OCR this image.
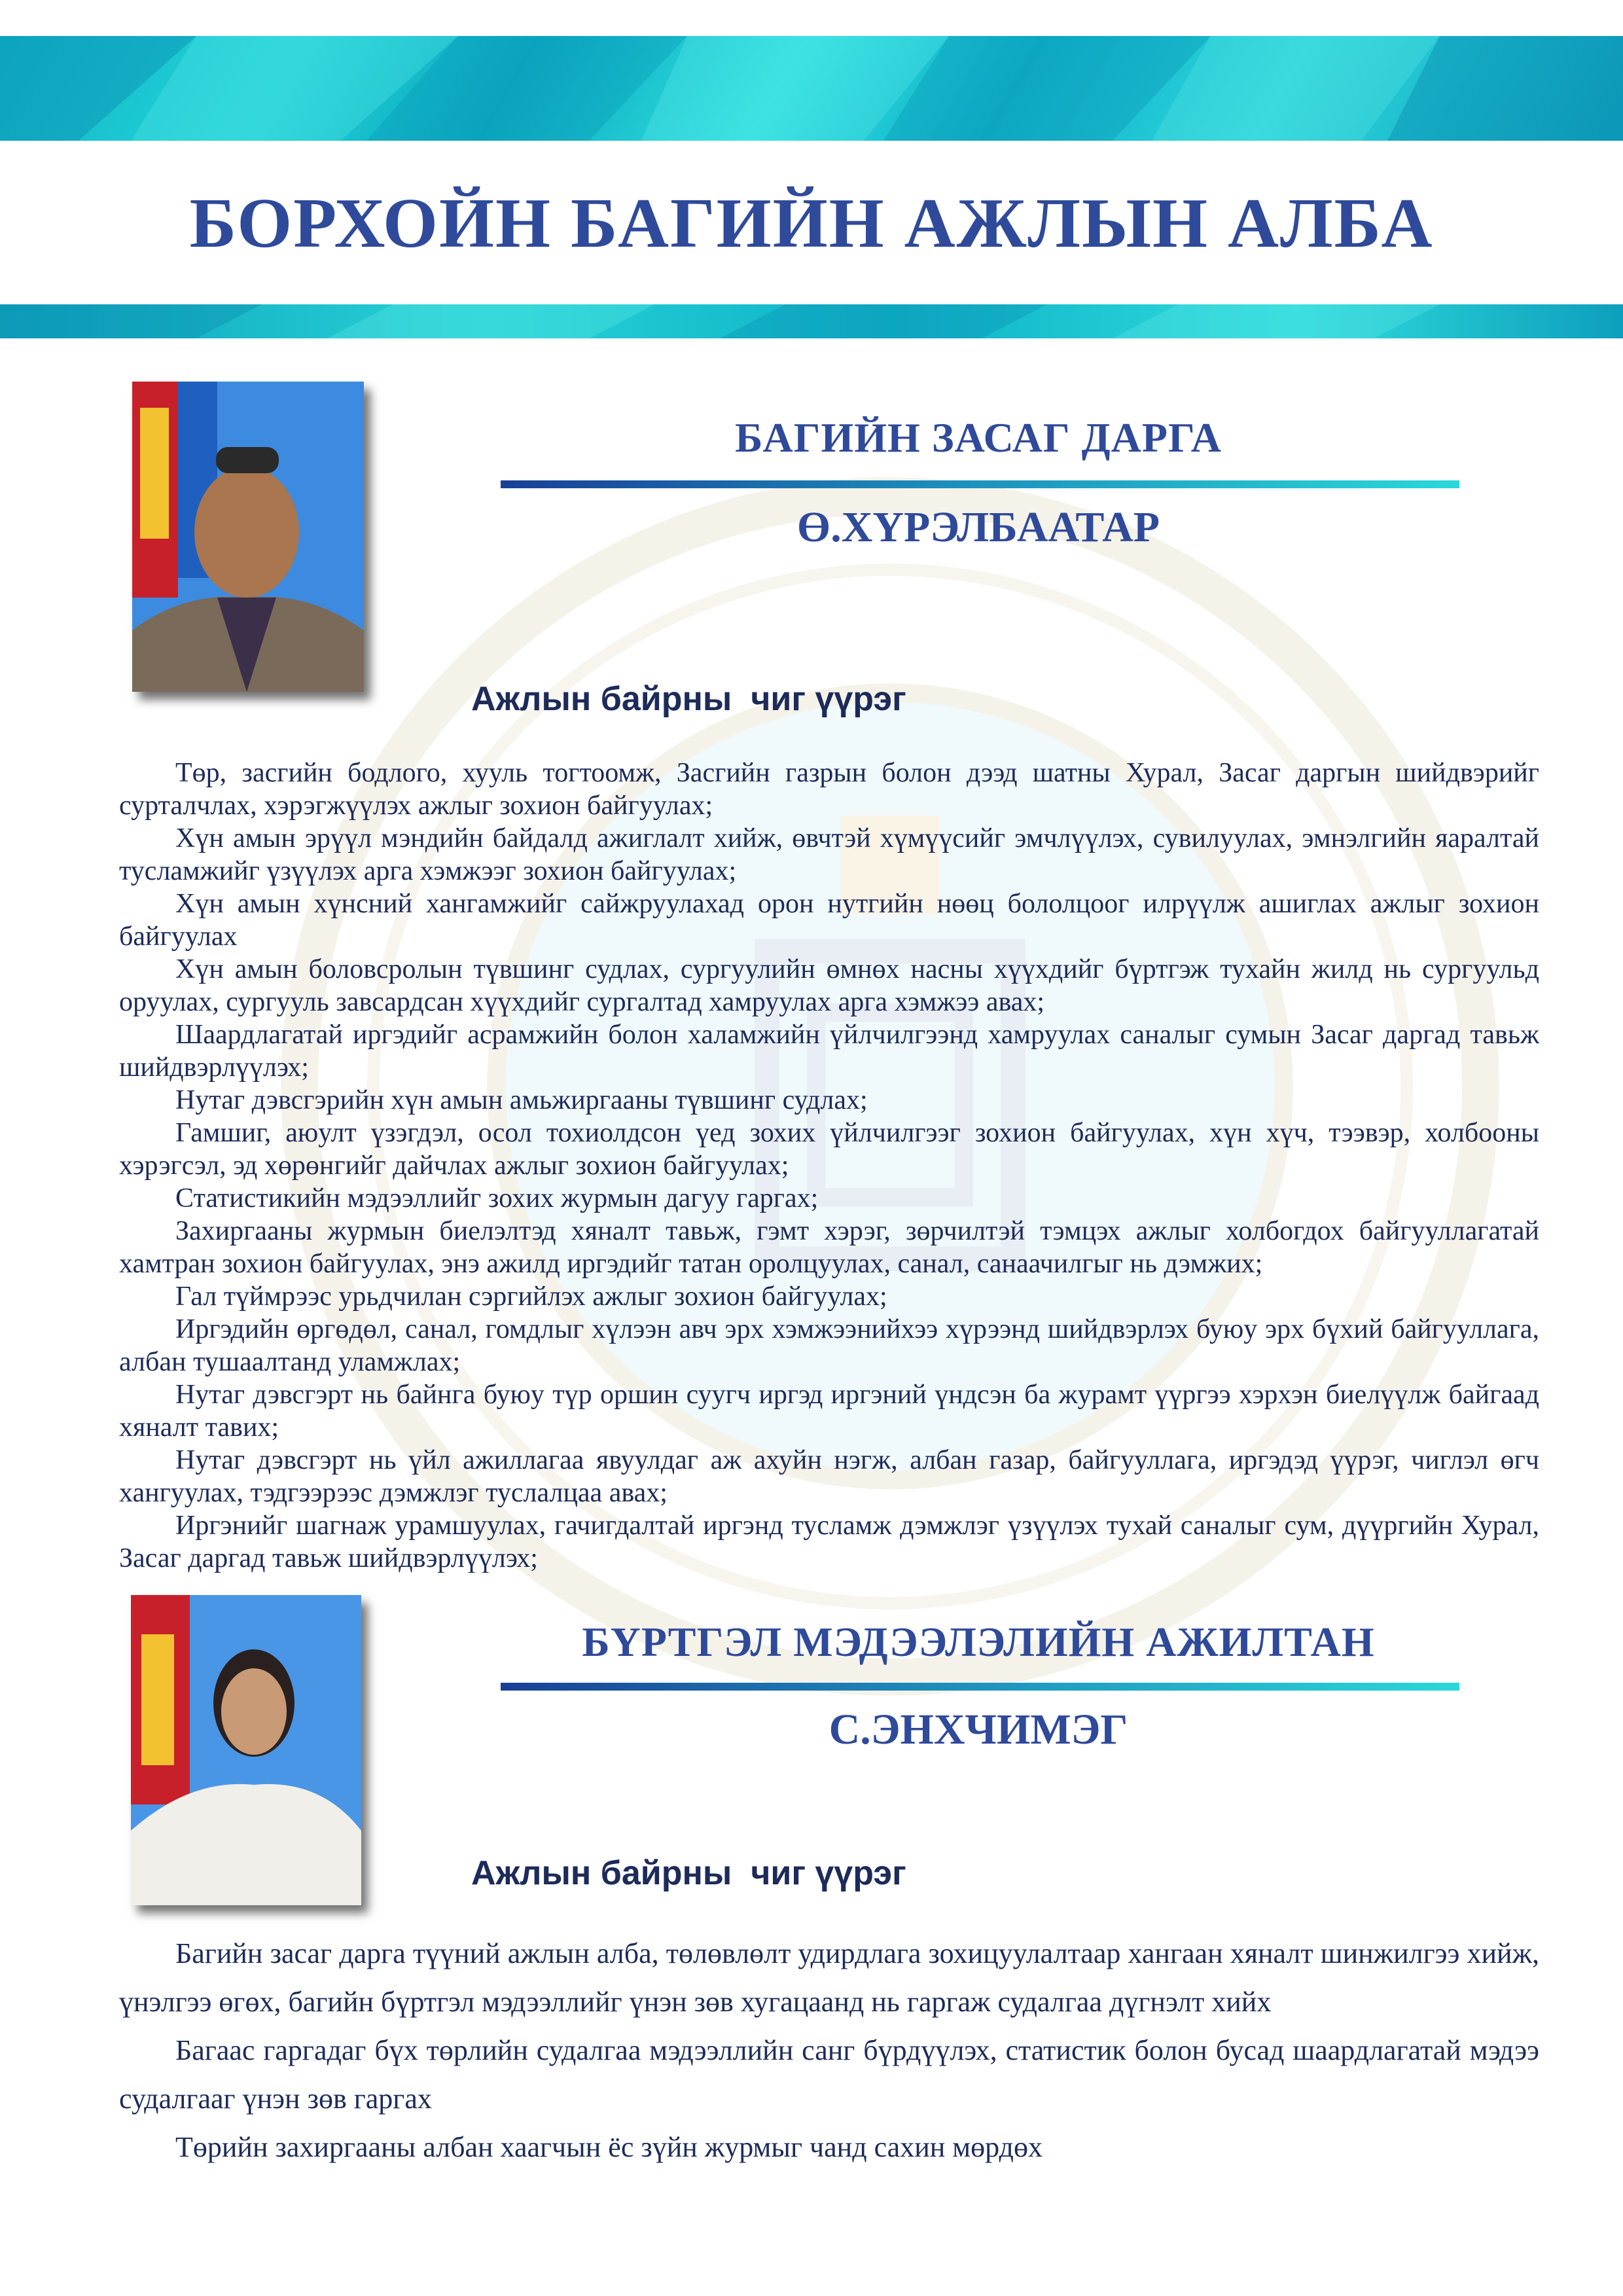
БОРХОЙН БАГИЙН АЖЛЫН АЛБА
БАГИЙН ЗАСАГ ДАРГА
Ө.ХҮРЭЛБААТАР
Ажлын байрны  чиг үүрэг
Төр, засгийн бодлого, хууль тогтоомж, Засгийн газрын болон дээд шатны Хурал, Засаг даргын шийдвэрийг сурталчлах, хэрэгжүүлэх ажлыг зохион байгуулах;
Хүн амын эрүүл мэндийн байдалд ажиглалт хийж, өвчтэй хүмүүсийг эмчлүүлэх, сувилуулах, эмнэлгийн яаралтай тусламжийг үзүүлэх арга хэмжээг зохион байгуулах;
Хүн амын хүнсний хангамжийг сайжруулахад орон нутгийн нөөц бололцоог илрүүлж ашиглах ажлыг зохион байгуулах
Хүн амын боловсролын түвшинг судлах, сургуулийн өмнөх насны хүүхдийг бүртгэж тухайн жилд нь сургуульд оруулах, сургууль завсардсан хүүхдийг сургалтад хамруулах арга хэмжээ авах;
Шаардлагатай иргэдийг асрамжийн болон халамжийн үйлчилгээнд хамруулах саналыг сумын Засаг даргад тавьж шийдвэрлүүлэх;
Нутаг дэвсгэрийн хүн амын амьжиргааны түвшинг судлах;
Гамшиг, аюулт үзэгдэл, осол тохиолдсон үед зохих үйлчилгээг зохион байгуулах, хүн хүч, тээвэр, холбооны хэрэгсэл, эд хөрөнгийг дайчлах ажлыг зохион байгуулах;
Статистикийн мэдээллийг зохих журмын дагуу гаргах;
Захиргааны журмын биелэлтэд хяналт тавьж, гэмт хэрэг, зөрчилтэй тэмцэх ажлыг холбогдох байгууллагатай хамтран зохион байгуулах, энэ ажилд иргэдийг татан оролцуулах, санал, санаачилгыг нь дэмжих;
Гал түймрээс урьдчилан сэргийлэх ажлыг зохион байгуулах;
Иргэдийн өргөдөл, санал, гомдлыг хүлээн авч эрх хэмжээнийхээ хүрээнд шийдвэрлэх буюу эрх бүхий байгууллага, албан тушаалтанд уламжлах;
Нутаг дэвсгэрт нь байнга буюу түр оршин суугч иргэд иргэний үндсэн ба журамт үүргээ хэрхэн биелүүлж байгаад хяналт тавих;
Нутаг дэвсгэрт нь үйл ажиллагаа явуулдаг аж ахуйн нэгж, албан газар, байгууллага, иргэдэд үүрэг, чиглэл өгч хангуулах, тэдгээрээс дэмжлэг туслалцаа авах;
Иргэнийг шагнаж урамшуулах, гачигдалтай иргэнд тусламж дэмжлэг үзүүлэх тухай саналыг сум, дүүргийн Хурал, Засаг даргад тавьж шийдвэрлүүлэх;
БҮРТГЭЛ МЭДЭЭЛЭЛИЙН АЖИЛТАН
С.ЭНХЧИМЭГ
Ажлын байрны  чиг үүрэг
Багийн засаг дарга түүний ажлын алба, төлөвлөлт удирдлага зохицуулалтаар хангаан хяналт шинжилгээ хийж, үнэлгээ өгөх, багийн бүртгэл мэдээллийг үнэн зөв хугацаанд нь гаргаж судалгаа дүгнэлт хийх
Багаас гаргадаг бүх төрлийн судалгаа мэдээллийн санг бүрдүүлэх, статистик болон бусад шаардлагатай мэдээ судалгааг үнэн зөв гаргах
Төрийн захиргааны албан хаагчын ёс зүйн журмыг чанд сахин мөрдөх
